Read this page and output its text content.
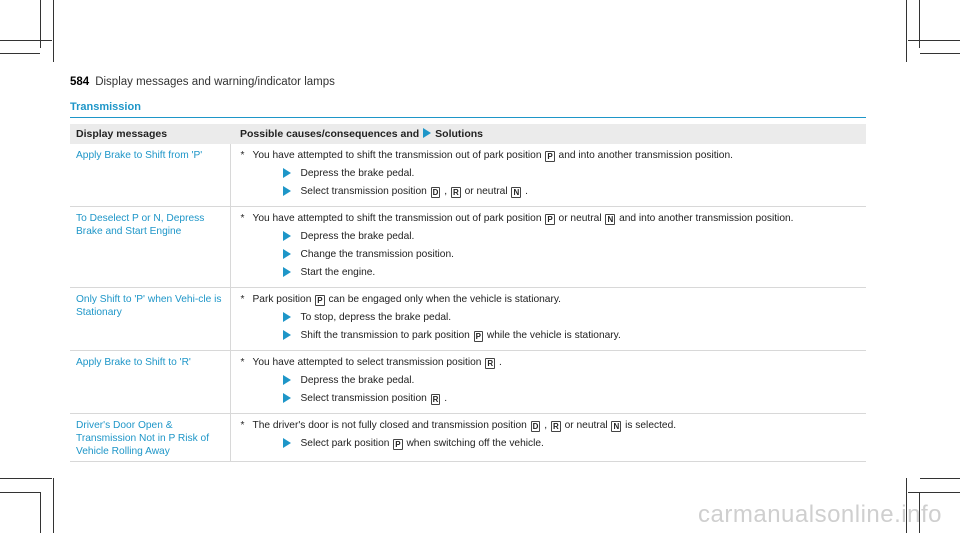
584 Display messages and warning/indicator lamps
Transmission
Display messages	Possible causes/consequences and Solutions
Apply Brake to Shift from 'P'	* You have attempted to shift the transmission out of park position P and into another transmission position.
Depress the brake pedal.
Select transmission position D , R or neutral N .

To Deselect P or N, Depress Brake and Start Engine	* You have attempted to shift the transmission out of park position P or neutral N and into another transmission position.
Depress the brake pedal.
Change the transmission position.
Start the engine.

Only Shift to 'P' when Vehi-cle is Stationary	* Park position P can be engaged only when the vehicle is stationary.
To stop, depress the brake pedal.
Shift the transmission to park position P while the vehicle is stationary.

Apply Brake to Shift to 'R'	* You have attempted to select transmission position R .
Depress the brake pedal.
Select transmission position R .

Driver's Door Open & Transmission Not in P Risk of Vehicle Rolling Away	* The driver's door is not fully closed and transmission position D , R or neutral N is selected.
Select park position P when switching off the vehicle.
carmanualsonline.info
